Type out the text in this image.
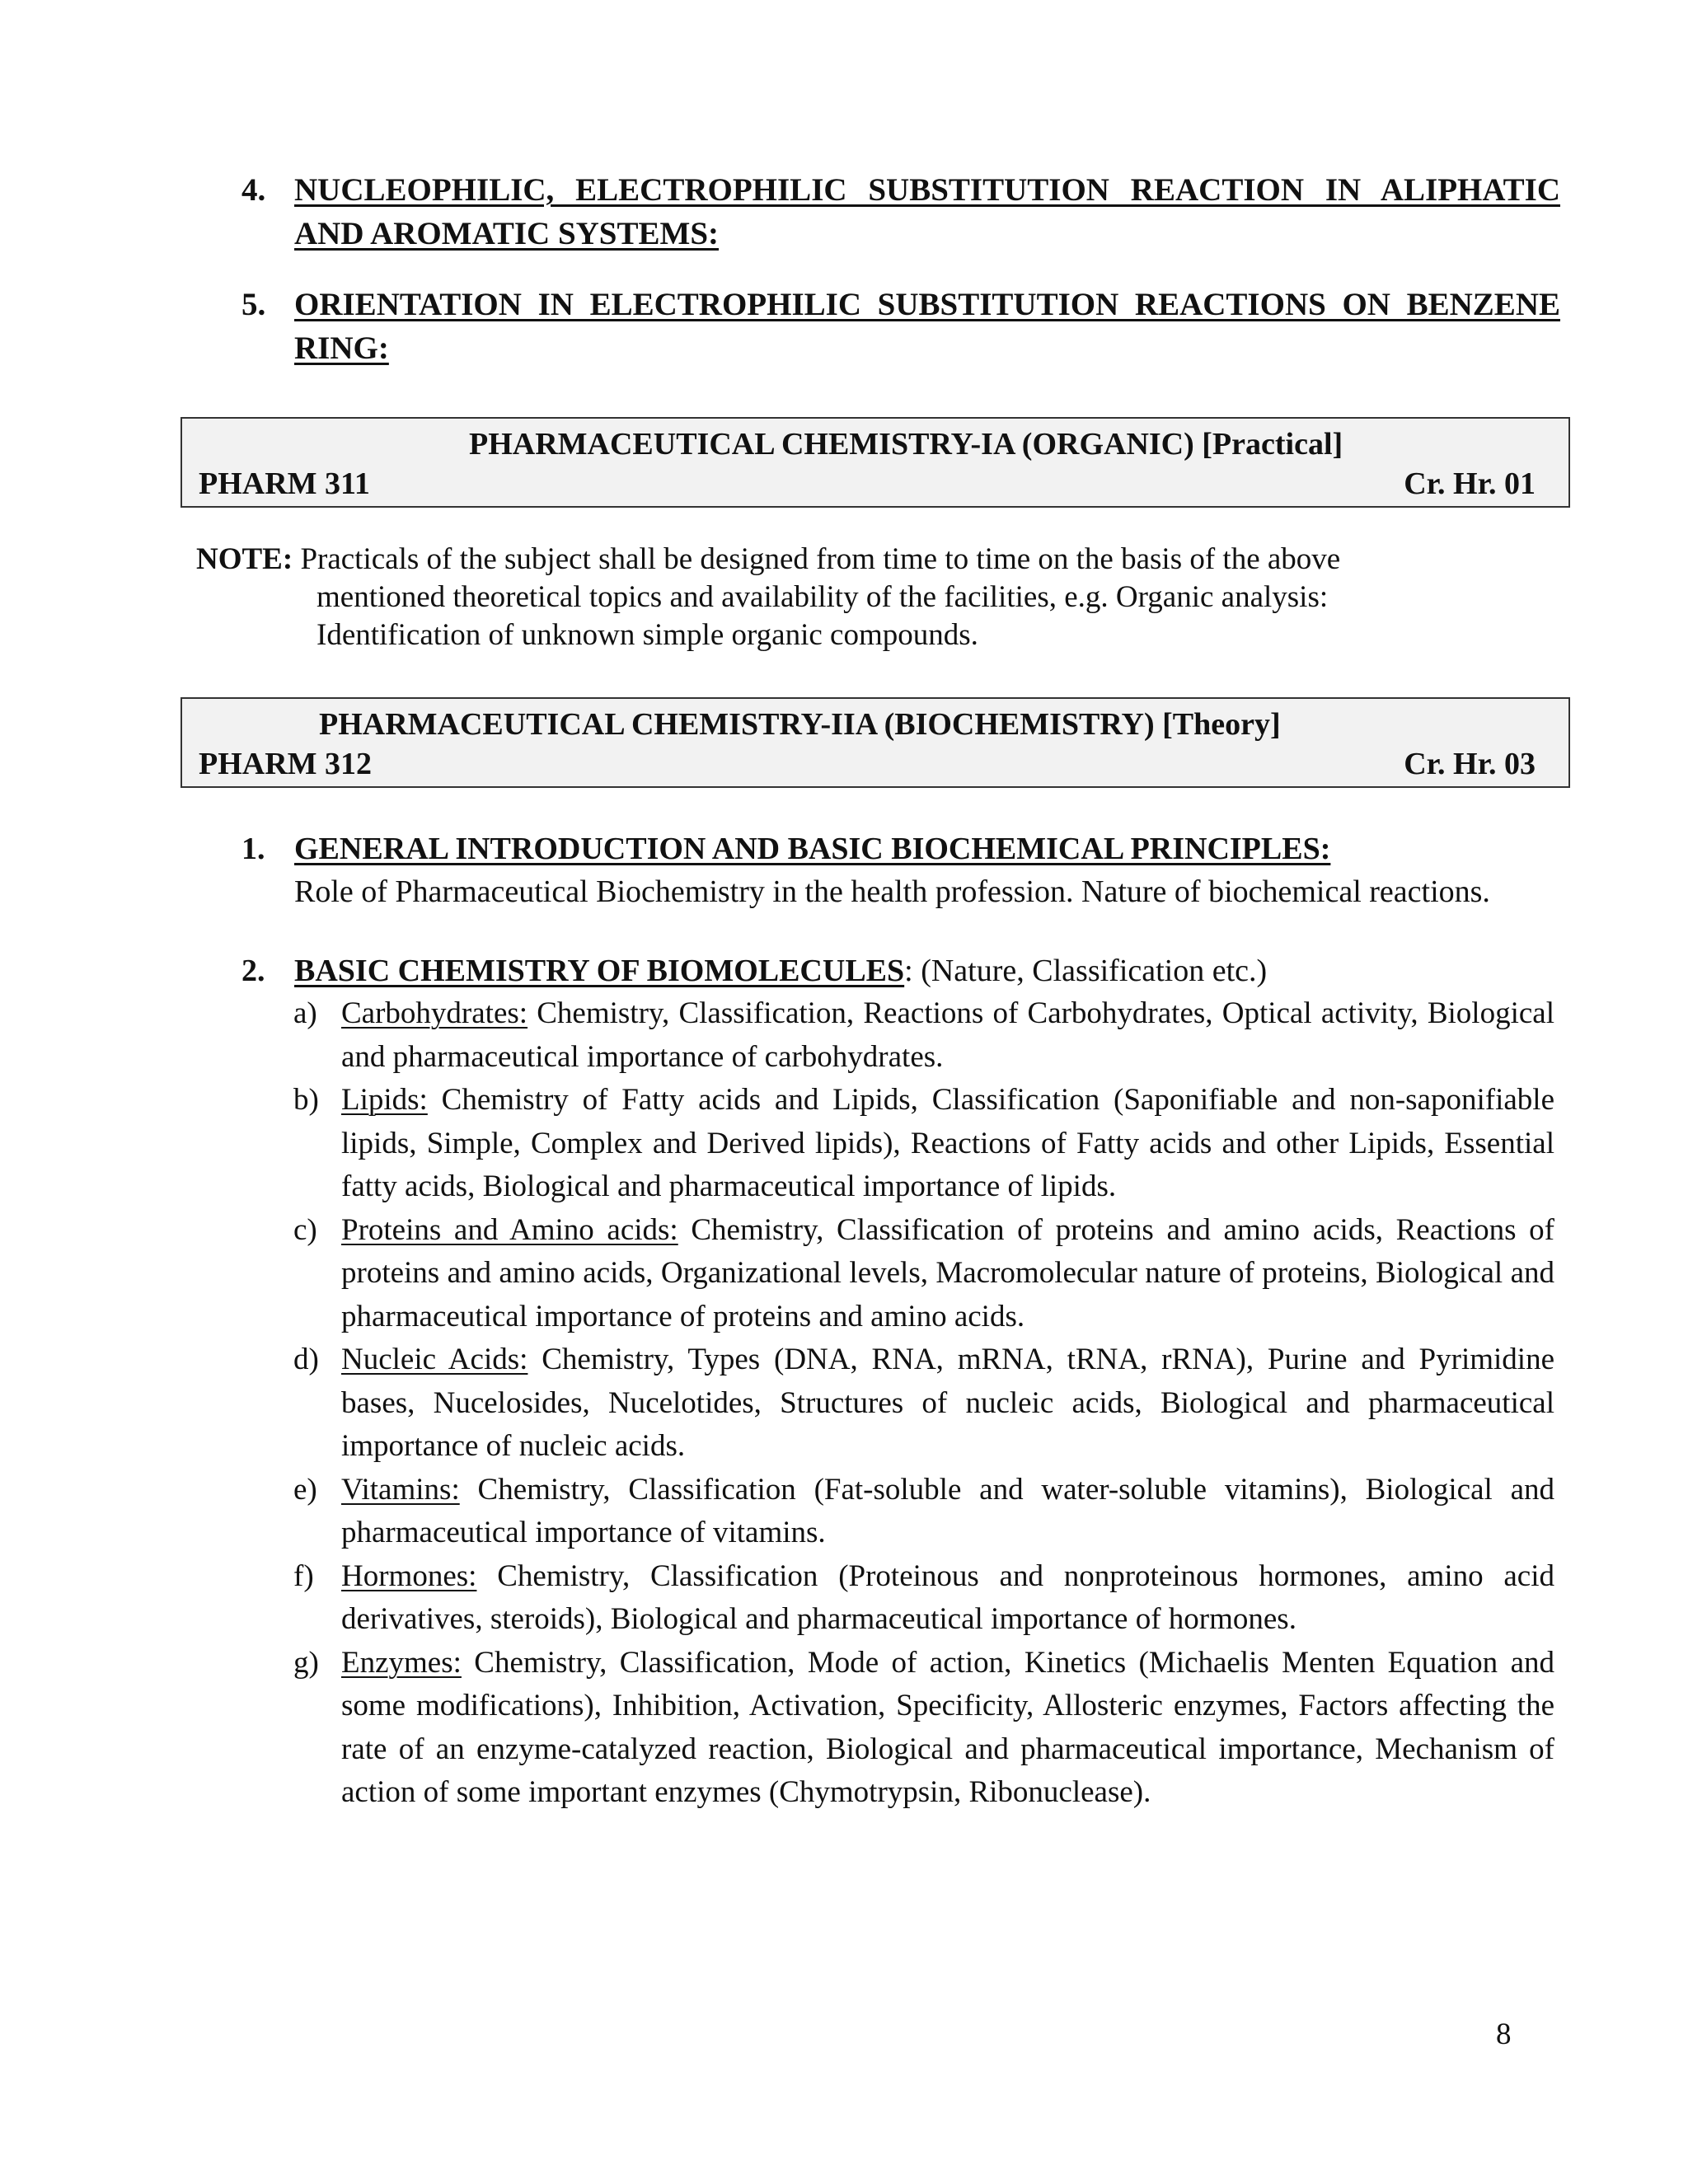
4. NUCLEOPHILIC, ELECTROPHILIC SUBSTITUTION REACTION IN ALIPHATIC AND AROMATIC SYSTEMS:
5. ORIENTATION IN ELECTROPHILIC SUBSTITUTION REACTIONS ON BENZENE RING:
PHARMACEUTICAL CHEMISTRY-IA (ORGANIC) [Practical]
PHARM 311	Cr. Hr. 01
NOTE: Practicals of the subject shall be designed from time to time on the basis of the above
mentioned theoretical topics and availability of the facilities, e.g. Organic analysis:
Identification of unknown simple organic compounds.
PHARMACEUTICAL CHEMISTRY-IIA (BIOCHEMISTRY) [Theory]
PHARM 312	Cr. Hr. 03
1. GENERAL INTRODUCTION AND BASIC BIOCHEMICAL PRINCIPLES:
Role of Pharmaceutical Biochemistry in the health profession. Nature of biochemical reactions.
2. BASIC CHEMISTRY OF BIOMOLECULES: (Nature, Classification etc.)
a) Carbohydrates: Chemistry, Classification, Reactions of Carbohydrates, Optical activity, Biological and pharmaceutical importance of carbohydrates.
b) Lipids: Chemistry of Fatty acids and Lipids, Classification (Saponifiable and non-saponifiable lipids, Simple, Complex and Derived lipids), Reactions of Fatty acids and other Lipids, Essential fatty acids, Biological and pharmaceutical importance of lipids.
c) Proteins and Amino acids: Chemistry, Classification of proteins and amino acids, Reactions of proteins and amino acids, Organizational levels, Macromolecular nature of proteins, Biological and pharmaceutical importance of proteins and amino acids.
d) Nucleic Acids: Chemistry, Types (DNA, RNA, mRNA, tRNA, rRNA), Purine and Pyrimidine bases, Nucelosides, Nucelotides, Structures of nucleic acids, Biological and pharmaceutical importance of nucleic acids.
e) Vitamins: Chemistry, Classification (Fat-soluble and water-soluble vitamins), Biological and pharmaceutical importance of vitamins.
f) Hormones: Chemistry, Classification (Proteinous and nonproteinous hormones, amino acid derivatives, steroids), Biological and pharmaceutical importance of hormones.
g) Enzymes: Chemistry, Classification, Mode of action, Kinetics (Michaelis Menten Equation and some modifications), Inhibition, Activation, Specificity, Allosteric enzymes, Factors affecting the rate of an enzyme-catalyzed reaction, Biological and pharmaceutical importance, Mechanism of action of some important enzymes (Chymotrypsin, Ribonuclease).
8
